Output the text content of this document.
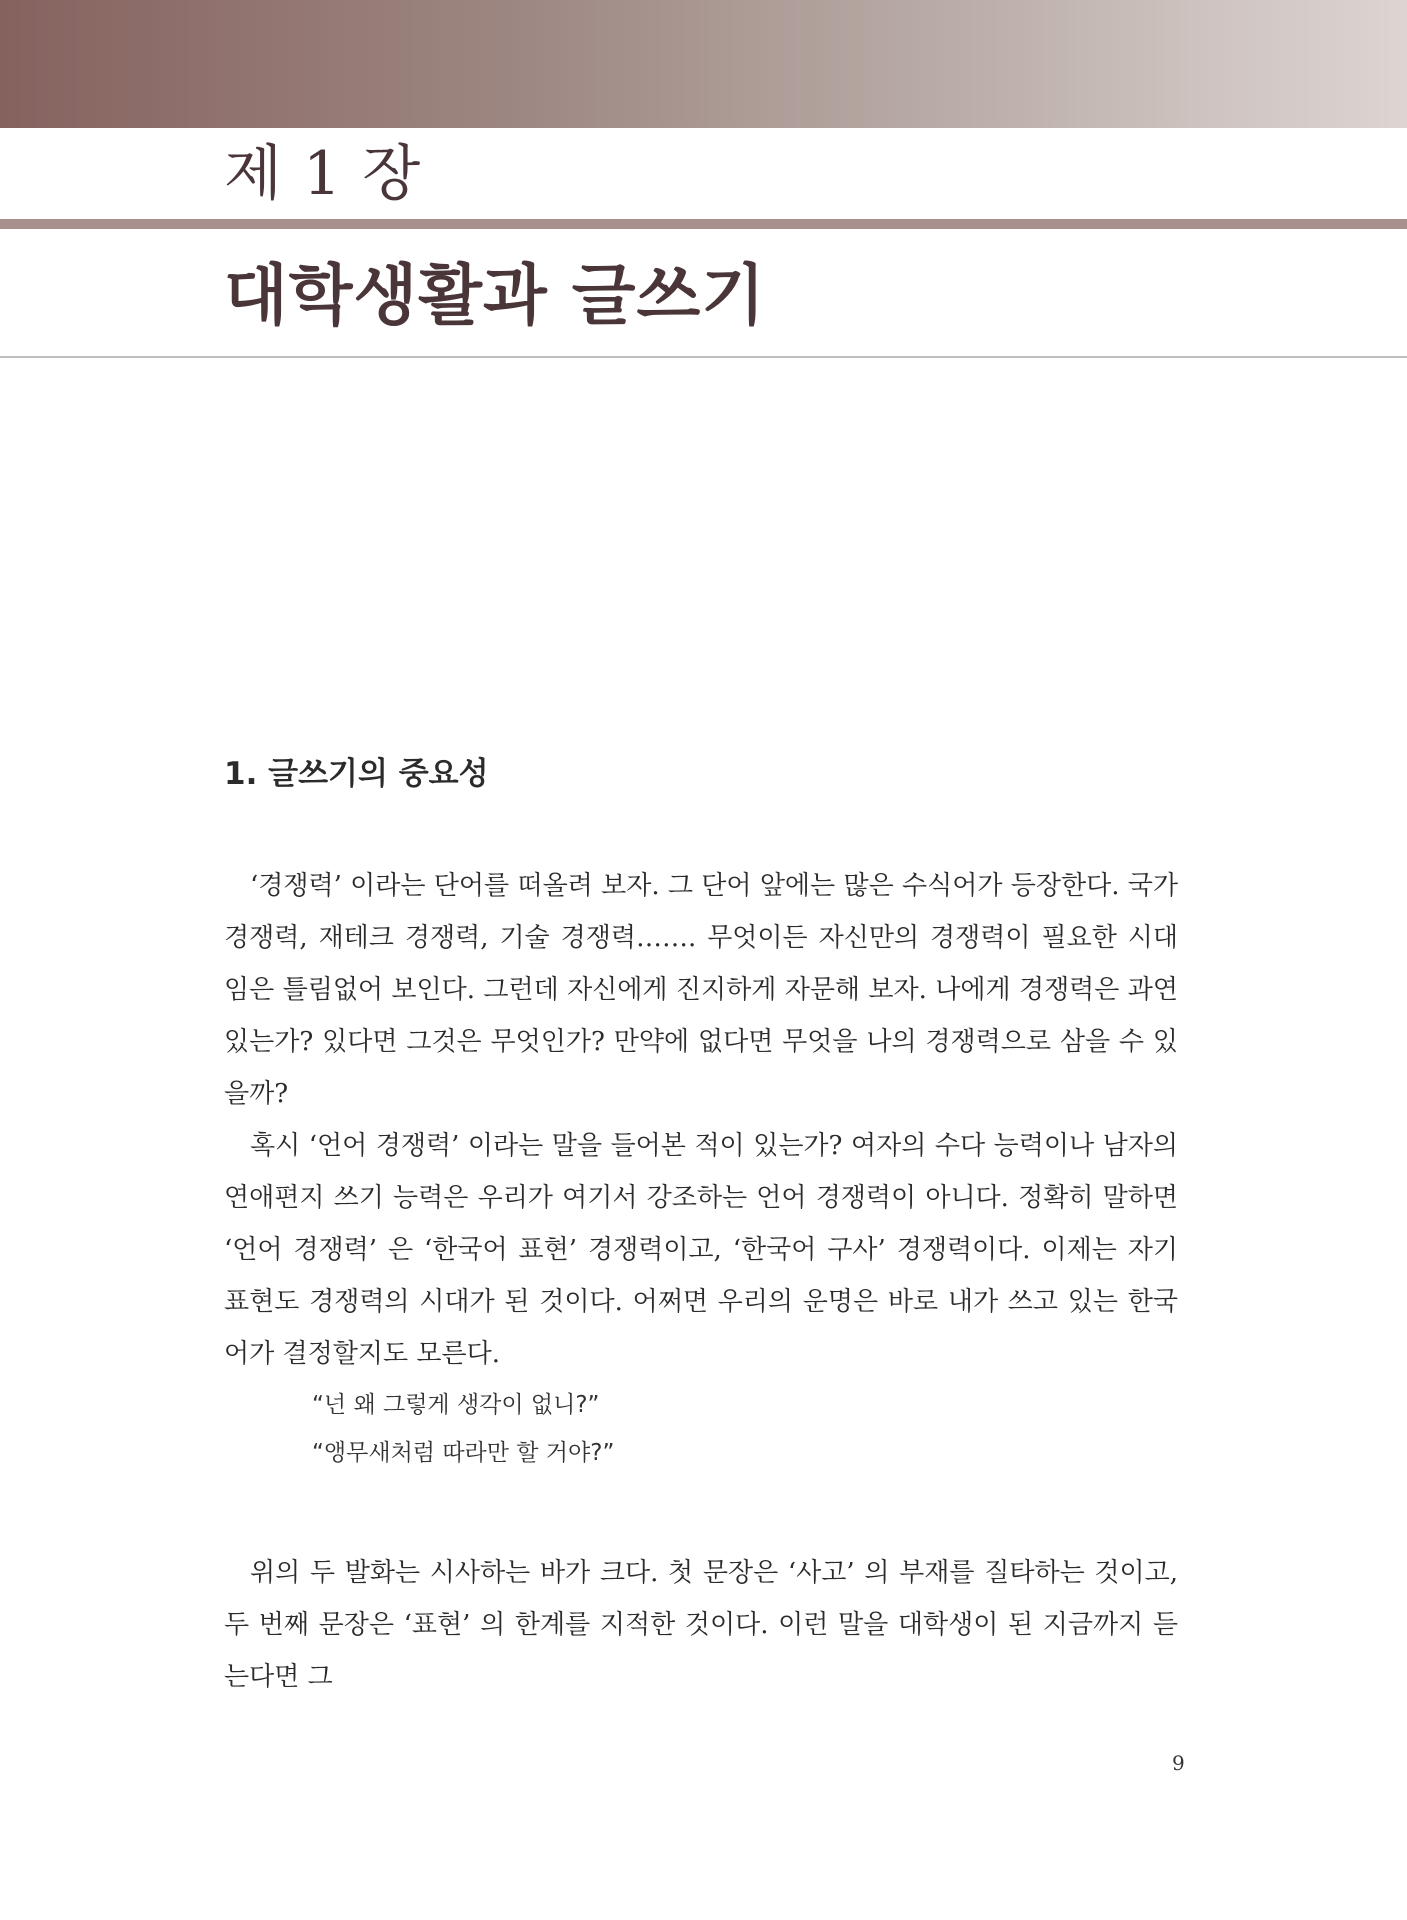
제 1 장
대학생활과 글쓰기
1. 글쓰기의 중요성

‘경쟁력’ 이라는 단어를 떠올려 보자. 그 단어 앞에는 많은 수식어가 등장한다. 국가 경쟁력, 재테크 경쟁력, 기술 경쟁력……. 무엇이든 자신만의 경쟁력이 필요한 시대임은 틀림없어 보인다. 그런데 자신에게 진지하게 자문해 보자. 나에게 경쟁력은 과연 있는가? 있다면 그것은 무엇인가? 만약에 없다면 무엇을 나의 경쟁력으로 삼을 수 있을까?

혹시 ‘언어 경쟁력’ 이라는 말을 들어본 적이 있는가? 여자의 수다 능력이나 남자의 연애편지 쓰기 능력은 우리가 여기서 강조하는 언어 경쟁력이 아니다. 정확히 말하면 ‘언어 경쟁력’ 은 ‘한국어 표현’ 경쟁력이고, ‘한국어 구사’ 경쟁력이다. 이제는 자기 표현도 경쟁력의 시대가 된 것이다. 어쩌면 우리의 운명은 바로 내가 쓰고 있는 한국어가 결정할지도 모른다.

“넌 왜 그렇게 생각이 없니?”
“앵무새처럼 따라만 할 거야?”

위의 두 발화는 시사하는 바가 크다. 첫 문장은 ‘사고’ 의 부재를 질타하는 것이고, 두 번째 문장은 ‘표현’ 의 한계를 지적한 것이다. 이런 말을 대학생이 된 지금까지 듣는다면 그

9
